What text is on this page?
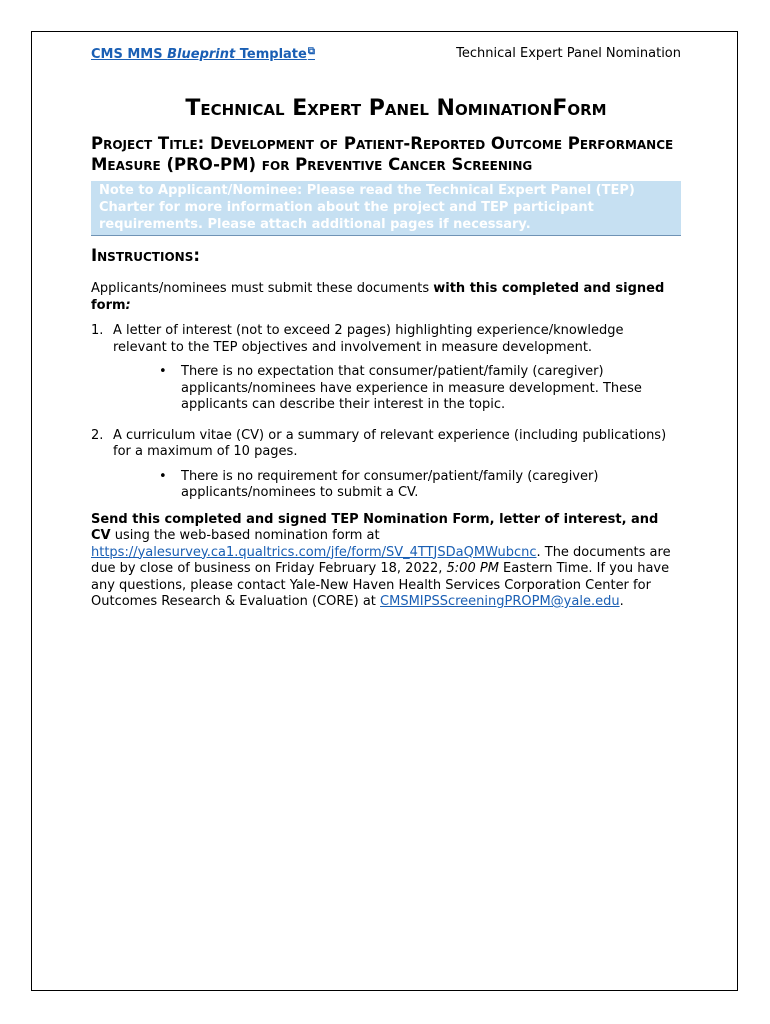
CMS MMS Blueprint Template⧉	Technical Expert Panel Nomination
Technical Expert Panel NominationForm
Project Title: Development of Patient-Reported Outcome Performance Measure (PRO-PM) for Preventive Cancer Screening
Note to Applicant/Nominee: Please read the Technical Expert Panel (TEP) Charter for more information about the project and TEP participant requirements. Please attach additional pages if necessary.
Instructions:
Applicants/nominees must submit these documents with this completed and signed form:
1. A letter of interest (not to exceed 2 pages) highlighting experience/knowledge relevant to the TEP objectives and involvement in measure development.
• There is no expectation that consumer/patient/family (caregiver) applicants/nominees have experience in measure development. These applicants can describe their interest in the topic.
2. A curriculum vitae (CV) or a summary of relevant experience (including publications) for a maximum of 10 pages.
• There is no requirement for consumer/patient/family (caregiver) applicants/nominees to submit a CV.
Send this completed and signed TEP Nomination Form, letter of interest, and CV using the web-based nomination form at https://yalesurvey.ca1.qualtrics.com/jfe/form/SV_4TTJSDaQMWubcnc. The documents are due by close of business on Friday February 18, 2022, 5:00 PM Eastern Time. If you have any questions, please contact Yale-New Haven Health Services Corporation Center for Outcomes Research & Evaluation (CORE) at CMSMIPSScreeningPROPM@yale.edu.
